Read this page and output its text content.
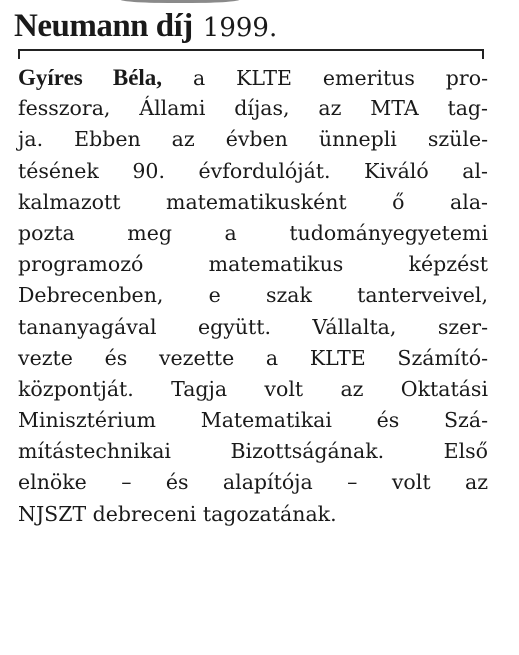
Neumann díj 1999.
Gyíres Béla, a KLTE emeritus pro-
fesszora, Állami díjas, az MTA tag-
ja. Ebben az évben ünnepli szüle-
tésének 90. évfordulóját. Kiváló al-
kalmazott matematikusként ő ala-
pozta meg a tudományegyetemi
programozó matematikus képzést
Debrecenben, e szak tanterveivel,
tananyagával együtt. Vállalta, szer-
vezte és vezette a KLTE Számító-
központját. Tagja volt az Oktatási
Minisztérium Matematikai és Szá-
mítástechnikai Bizottságának. Első
elnöke – és alapítója – volt az
NJSZT debreceni tagozatának.
